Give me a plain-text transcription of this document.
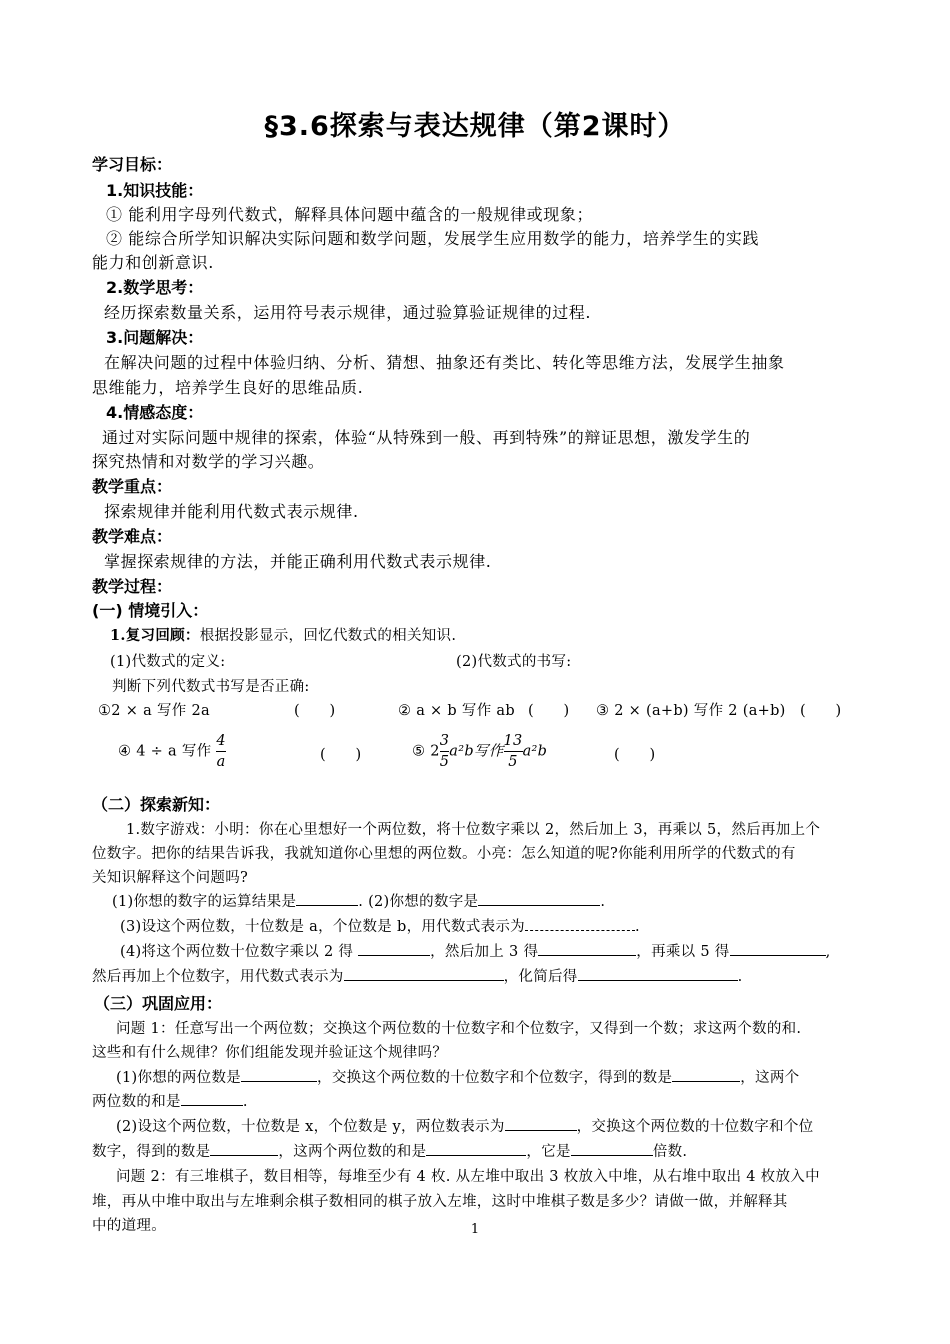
§3.6探索与表达规律（第2课时）
学习目标：
1.知识技能：
① 能利用字母列代数式，解释具体问题中蕴含的一般规律或现象；
② 能综合所学知识解决实际问题和数学问题，发展学生应用数学的能力，培养学生的实践
能力和创新意识.
2.数学思考：
经历探索数量关系，运用符号表示规律，通过验算验证规律的过程.
3.问题解决：
在解决问题的过程中体验归纳、分析、猜想、抽象还有类比、转化等思维方法，发展学生抽象
思维能力，培养学生良好的思维品质.
4.情感态度：
通过对实际问题中规律的探索，体验“从特殊到一般、再到特殊”的辩证思想，激发学生的
探究热情和对数学的学习兴趣。
教学重点：
探索规律并能利用代数式表示规律.
教学难点：
掌握探索规律的方法，并能正确利用代数式表示规律.
教学过程：
(一) 情境引入：
1.复习回顾：根据投影显示，回忆代数式的相关知识.
(1)代数式的定义:	(2)代数式的书写:
判断下列代数式书写是否正确:
①2 × a 写作 2a	(　　)	② a × b 写作 ab (　　) ③ 2 × (a+b) 写作 2 (a+b) (　　)
④ 4 ÷ a 写作 $\frac{4}{a}$	(　　)	⑤ $2 \frac{3}{5} a^2b$写作 $\frac{13}{5} a^2b$	(　　)
（二）探索新知：
1.数字游戏：小明：你在心里想好一个两位数，将十位数字乘以 2，然后加上 3，再乘以 5，然后再加上个
位数字。把你的结果告诉我，我就知道你心里想的两位数。小亮：怎么知道的呢?你能利用所学的代数式的有
关知识解释这个问题吗?
(1)你想的数字的运算结果是	. (2)你想的数字是	.
(3)设这个两位数，十位数是 a，个位数是 b，用代数式表示为	.
(4)将这个两位数十位数字乘以 2 得	，然后加上 3 得	，再乘以 5 得	,
然后再加上个位数字，用代数式表示为	，化简后得	.
（三）巩固应用：
问题 1：任意写出一个两位数；交换这个两位数的十位数字和个位数字，又得到一个数；求这两个数的和.
这些和有什么规律？你们组能发现并验证这个规律吗？
(1)你想的两位数是	，交换这个两位数的十位数字和个位数字，得到的数是	，这两个
两位数的和是	.
(2)设这个两位数，十位数是 x，个位数是 y，两位数表示为	，交换这个两位数的十位数字和个位
数字，得到的数是	，这两个两位数的和是	，它是	倍数.
问题 2：有三堆棋子，数目相等，每堆至少有 4 枚. 从左堆中取出 3 枚放入中堆，从右堆中取出 4 枚放入中
堆，再从中堆中取出与左堆剩余棋子数相同的棋子放入左堆，这时中堆棋子数是多少？请做一做，并解释其
中的道理。	1
